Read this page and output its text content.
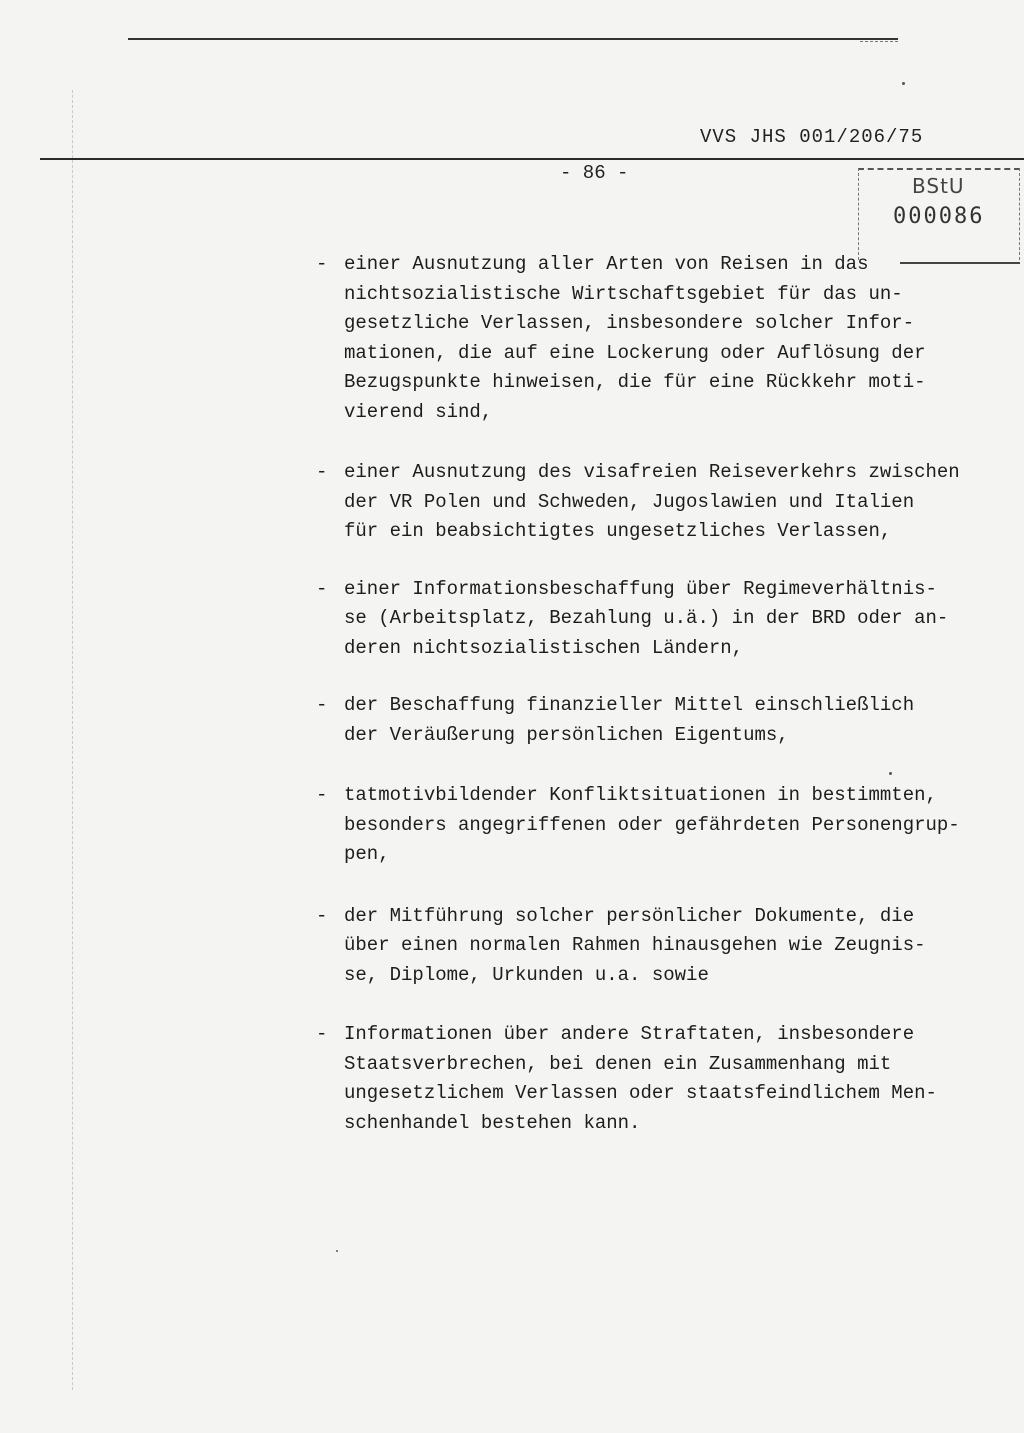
VVS JHS 001/206/75
- 86 -
BStU
000086
- einer Ausnutzung aller Arten von Reisen in das
nichtsozialistische Wirtschaftsgebiet für das un-
gesetzliche Verlassen, insbesondere solcher Infor-
mationen, die auf eine Lockerung oder Auflösung der
Bezugspunkte hinweisen, die für eine Rückkehr moti-
vierend sind,
- einer Ausnutzung des visafreien Reiseverkehrs zwischen
der VR Polen und Schweden, Jugoslawien und Italien
für ein beabsichtigtes ungesetzliches Verlassen,
- einer Informationsbeschaffung über Regimeverhältnis-
se (Arbeitsplatz, Bezahlung u.ä.) in der BRD oder an-
deren nichtsozialistischen Ländern,
- der Beschaffung finanzieller Mittel einschließlich
der Veräußerung persönlichen Eigentums,
- tatmotivbildender Konfliktsituationen in bestimmten,
besonders angegriffenen oder gefährdeten Personengrup-
pen,
- der Mitführung solcher persönlicher Dokumente, die
über einen normalen Rahmen hinausgehen wie Zeugnis-
se, Diplome, Urkunden u.a. sowie
- Informationen über andere Straftaten, insbesondere
Staatsverbrechen, bei denen ein Zusammenhang mit
ungesetzlichem Verlassen oder staatsfeindlichem Men-
schenhandel bestehen kann.
